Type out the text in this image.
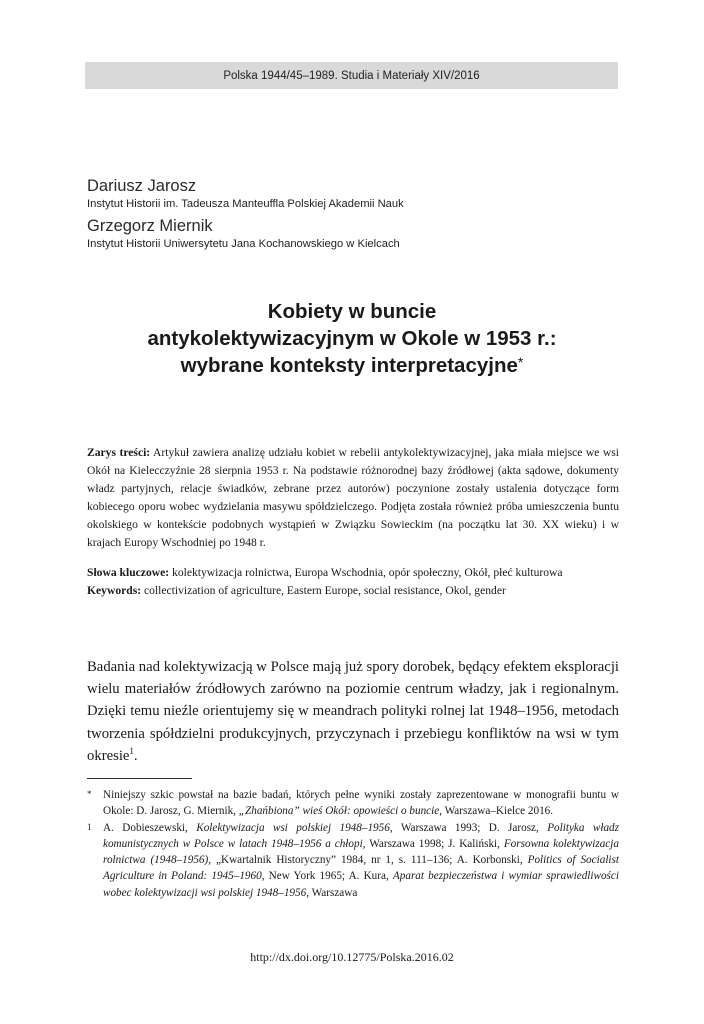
Polska 1944/45–1989. Studia i Materiały XIV/2016
Dariusz Jarosz
Instytut Historii im. Tadeusza Manteuffla Polskiej Akademii Nauk
Grzegorz Miernik
Instytut Historii Uniwersytetu Jana Kochanowskiego w Kielcach
Kobiety w buncie
antykolektywizacyjnym w Okole w 1953 r.:
wybrane konteksty interpretacyjne*
Zarys treści: Artykuł zawiera analizę udziału kobiet w rebelii antykolektywizacyjnej, jaka miała miejsce we wsi Okół na Kielecczyźnie 28 sierpnia 1953 r. Na podstawie różnorodnej bazy źródłowej (akta sądowe, dokumenty władz partyjnych, relacje świadków, zebrane przez autorów) poczynione zostały ustalenia dotyczące form kobiecego oporu wobec wydzielania masywu spółdzielczego. Podjęta została również próba umieszczenia buntu okolskiego w kontekście podobnych wystąpień w Związku Sowieckim (na początku lat 30. XX wieku) i w krajach Europy Wschodniej po 1948 r.

Słowa kluczowe: kolektywizacja rolnictwa, Europa Wschodnia, opór społeczny, Okół, płeć kulturowa

Keywords: collectivization of agriculture, Eastern Europe, social resistance, Okol, gender

Badania nad kolektywizacją w Polsce mają już spory dorobek, będący efektem eksploracji wielu materiałów źródłowych zarówno na poziomie centrum władzy, jak i regionalnym. Dzięki temu nieźle orientujemy się w meandrach polityki rolnej lat 1948–1956, metodach tworzenia spółdzielni produkcyjnych, przyczynach i przebiegu konfliktów na wsi w tym okresie$^1$.
*	Niniejszy szkic powstał na bazie badań, których pełne wyniki zostały zaprezentowane w monografii buntu w Okole: D. Jarosz, G. Miernik, „Zhańbiona” wieś Okół: opowieści o buncie, Warszawa–Kielce 2016.
1	A. Dobieszewski, Kolektywizacja wsi polskiej 1948–1956, Warszawa 1993; D. Jarosz, Polityka władz komunistycznych w Polsce w latach 1948–1956 a chłopi, Warszawa 1998; J. Kaliński, Forsowna kolektywizacja rolnictwa (1948–1956), „Kwartalnik Historyczny” 1984, nr 1, s. 111–136; A. Korbonski, Politics of Socialist Agriculture in Poland: 1945–1960, New York 1965; A. Kura, Aparat bezpieczeństwa i wymiar sprawiedliwości wobec kolektywizacji wsi polskiej 1948–1956, Warszawa
http://dx.doi.org/10.12775/Polska.2016.02
